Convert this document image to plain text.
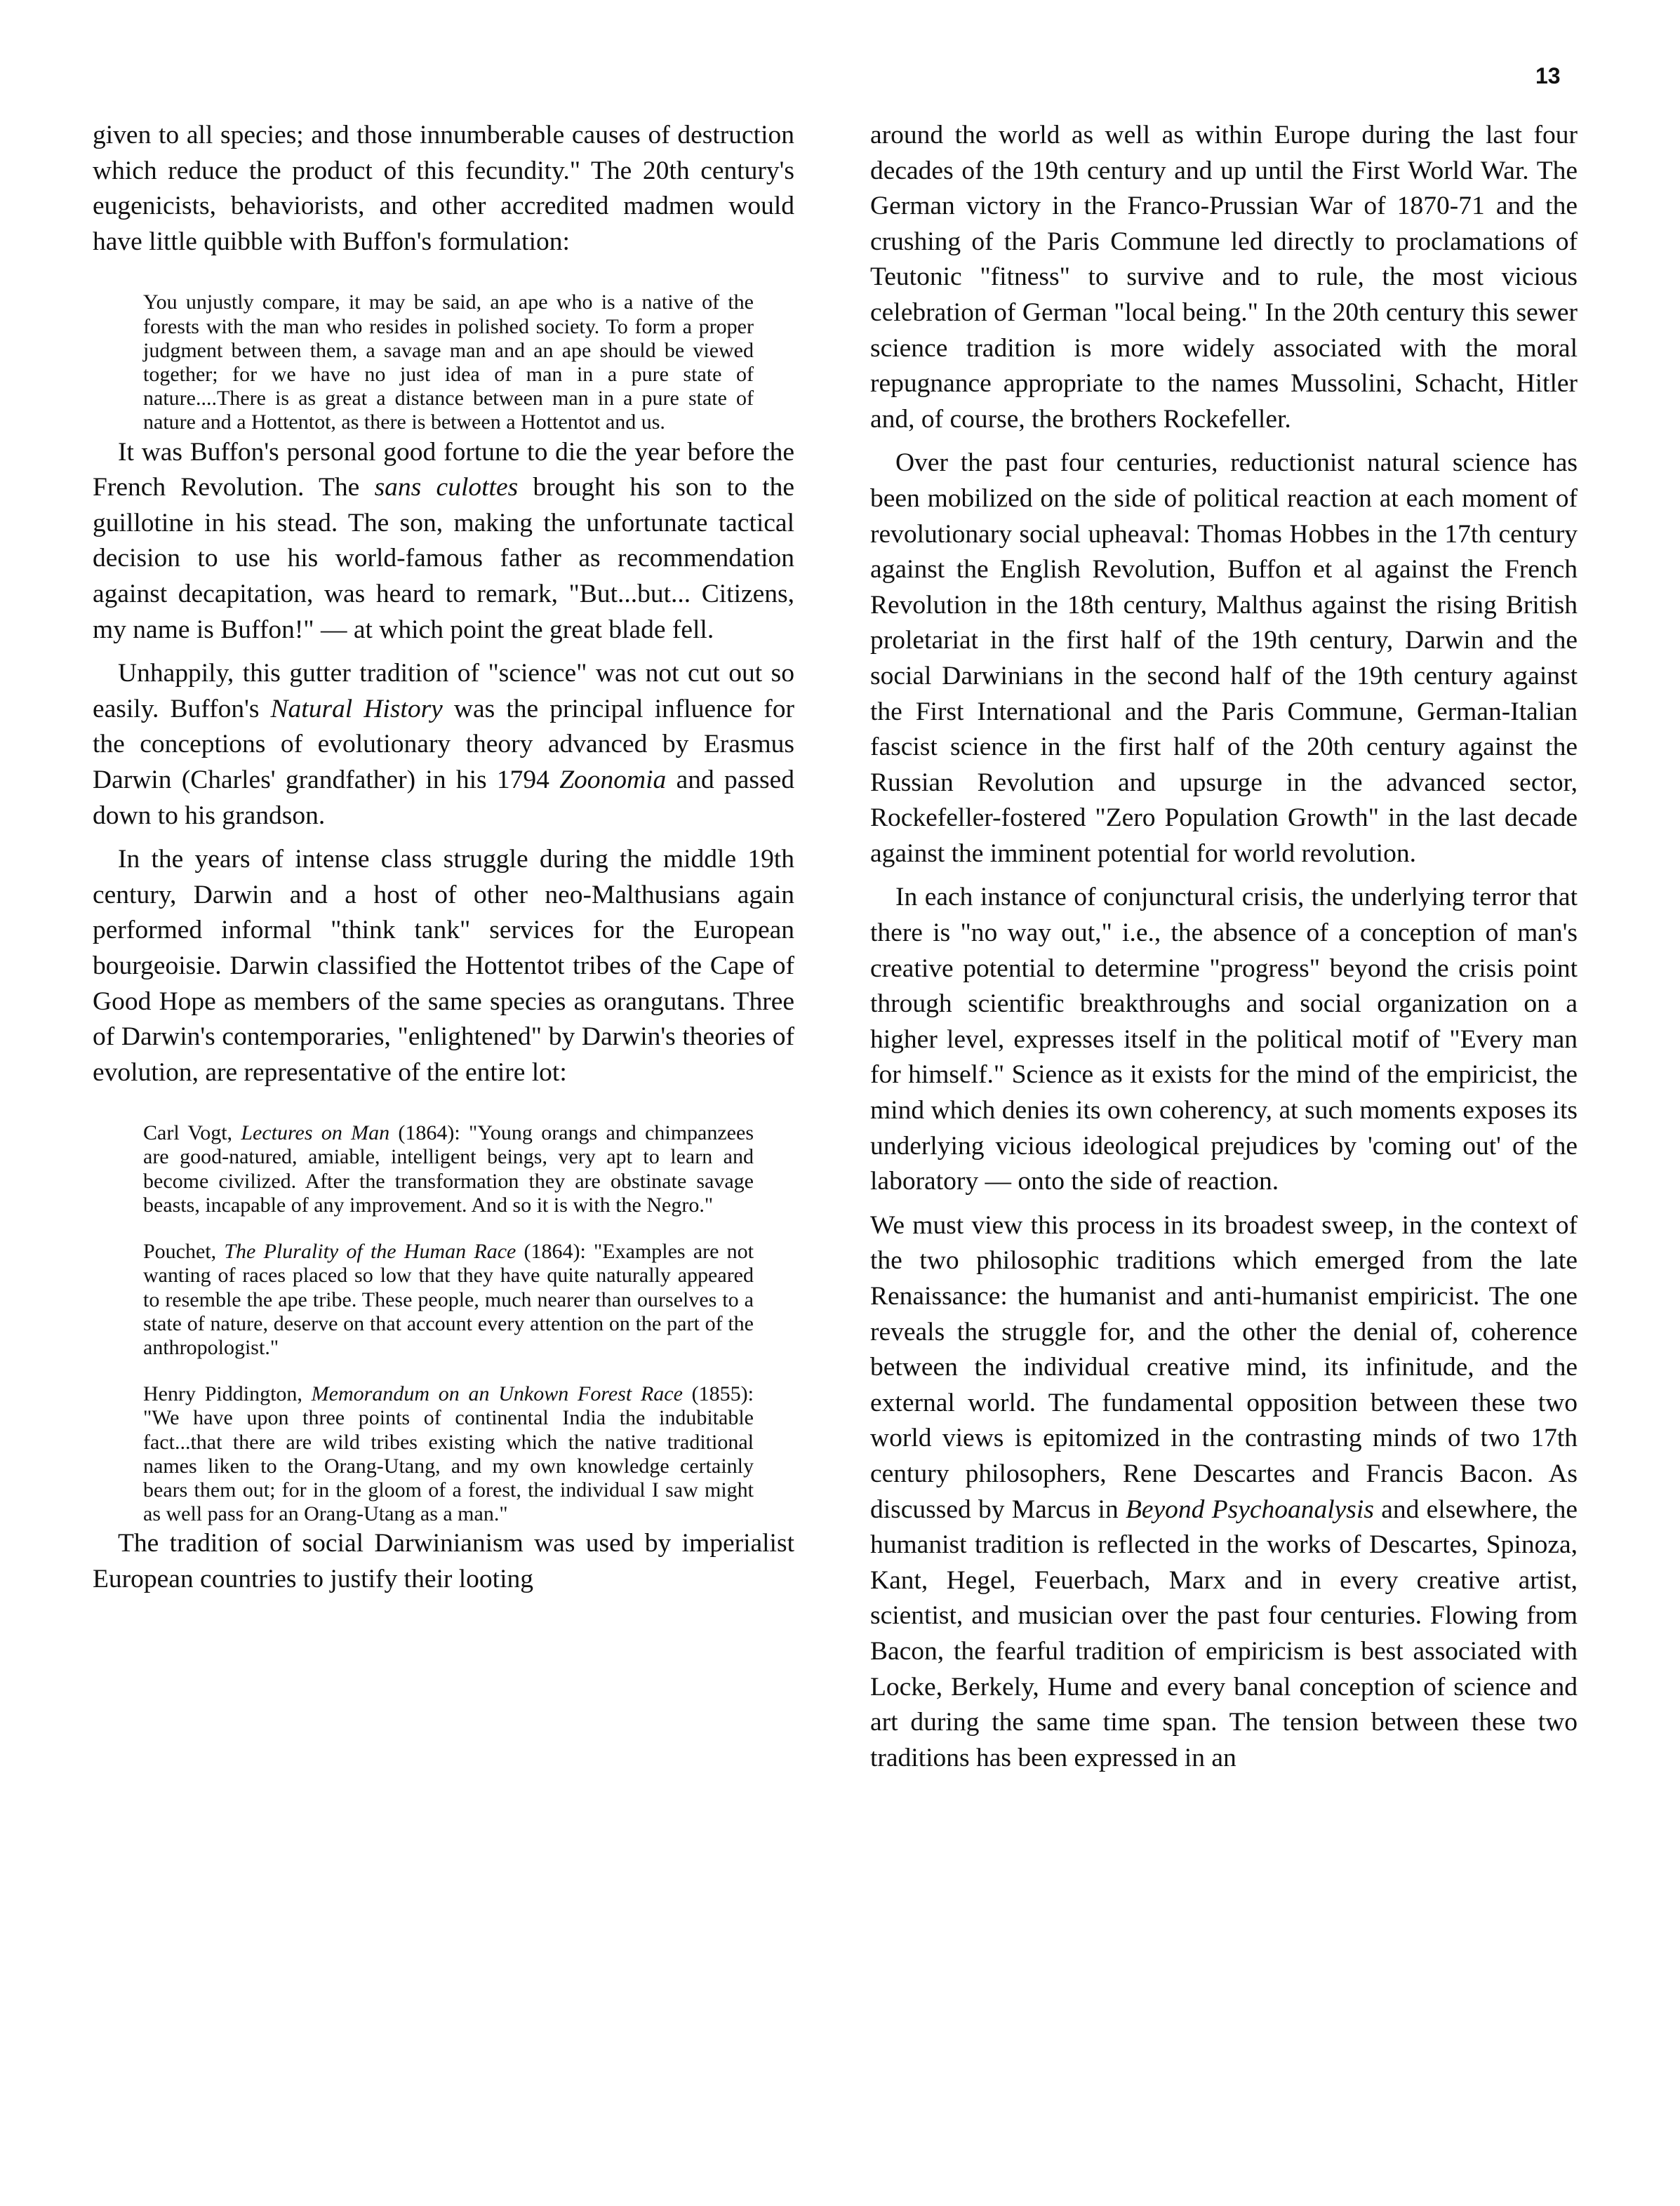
13

given to all species; and those innumberable causes of destruction which reduce the product of this fecundity." The 20th century's eugenicists, behaviorists, and other accredited madmen would have little quibble with Buffon's formulation:

You unjustly compare, it may be said, an ape who is a native of the forests with the man who resides in polished society. To form a proper judgment between them, a savage man and an ape should be viewed together; for we have no just idea of man in a pure state of nature....There is as great a distance between man in a pure state of nature and a Hottentot, as there is between a Hottentot and us.

It was Buffon's personal good fortune to die the year before the French Revolution. The sans culottes brought his son to the guillotine in his stead. The son, making the unfortunate tactical decision to use his world-famous father as recommendation against decapitation, was heard to remark, "But...but... Citizens, my name is Buffon!" — at which point the great blade fell.

Unhappily, this gutter tradition of "science" was not cut out so easily. Buffon's Natural History was the principal influence for the conceptions of evolutionary theory advanced by Erasmus Darwin (Charles' grandfather) in his 1794 Zoonomia and passed down to his grandson.

In the years of intense class struggle during the middle 19th century, Darwin and a host of other neo-Malthusians again performed informal "think tank" services for the European bourgeoisie. Darwin classified the Hottentot tribes of the Cape of Good Hope as members of the same species as orangutans. Three of Darwin's contemporaries, "enlightened" by Darwin's theories of evolution, are representative of the entire lot:

Carl Vogt, Lectures on Man (1864): "Young orangs and chimpanzees are good-natured, amiable, intelligent beings, very apt to learn and become civilized. After the transformation they are obstinate savage beasts, incapable of any improvement. And so it is with the Negro."

Pouchet, The Plurality of the Human Race (1864): "Examples are not wanting of races placed so low that they have quite naturally appeared to resemble the ape tribe. These people, much nearer than ourselves to a state of nature, deserve on that account every attention on the part of the anthropologist."

Henry Piddington, Memorandum on an Unkown Forest Race (1855): "We have upon three points of continental India the indubitable fact...that there are wild tribes existing which the native traditional names liken to the Orang-Utang, and my own knowledge certainly bears them out; for in the gloom of a forest, the individual I saw might as well pass for an Orang-Utang as a man."

The tradition of social Darwinianism was used by imperialist European countries to justify their looting

around the world as well as within Europe during the last four decades of the 19th century and up until the First World War. The German victory in the Franco-Prussian War of 1870-71 and the crushing of the Paris Commune led directly to proclamations of Teutonic "fitness" to survive and to rule, the most vicious celebration of German "local being." In the 20th century this sewer science tradition is more widely associated with the moral repugnance appropriate to the names Mussolini, Schacht, Hitler and, of course, the brothers Rockefeller.

Over the past four centuries, reductionist natural science has been mobilized on the side of political reaction at each moment of revolutionary social upheaval: Thomas Hobbes in the 17th century against the English Revolution, Buffon et al against the French Revolution in the 18th century, Malthus against the rising British proletariat in the first half of the 19th century, Darwin and the social Darwinians in the second half of the 19th century against the First International and the Paris Commune, German-Italian fascist science in the first half of the 20th century against the Russian Revolution and upsurge in the advanced sector, Rockefeller-fostered "Zero Population Growth" in the last decade against the imminent potential for world revolution.

In each instance of conjunctural crisis, the underlying terror that there is "no way out," i.e., the absence of a conception of man's creative potential to determine "progress" beyond the crisis point through scientific breakthroughs and social organization on a higher level, expresses itself in the political motif of "Every man for himself." Science as it exists for the mind of the empiricist, the mind which denies its own coherency, at such moments exposes its underlying vicious ideological prejudices by 'coming out' of the laboratory — onto the side of reaction.

We must view this process in its broadest sweep, in the context of the two philosophic traditions which emerged from the late Renaissance: the humanist and anti-humanist empiricist. The one reveals the struggle for, and the other the denial of, coherence between the individual creative mind, its infinitude, and the external world. The fundamental opposition between these two world views is epitomized in the contrasting minds of two 17th century philosophers, Rene Descartes and Francis Bacon. As discussed by Marcus in Beyond Psychoanalysis and elsewhere, the humanist tradition is reflected in the works of Descartes, Spinoza, Kant, Hegel, Feuerbach, Marx and in every creative artist, scientist, and musician over the past four centuries. Flowing from Bacon, the fearful tradition of empiricism is best associated with Locke, Berkely, Hume and every banal conception of science and art during the same time span. The tension between these two traditions has been expressed in an
